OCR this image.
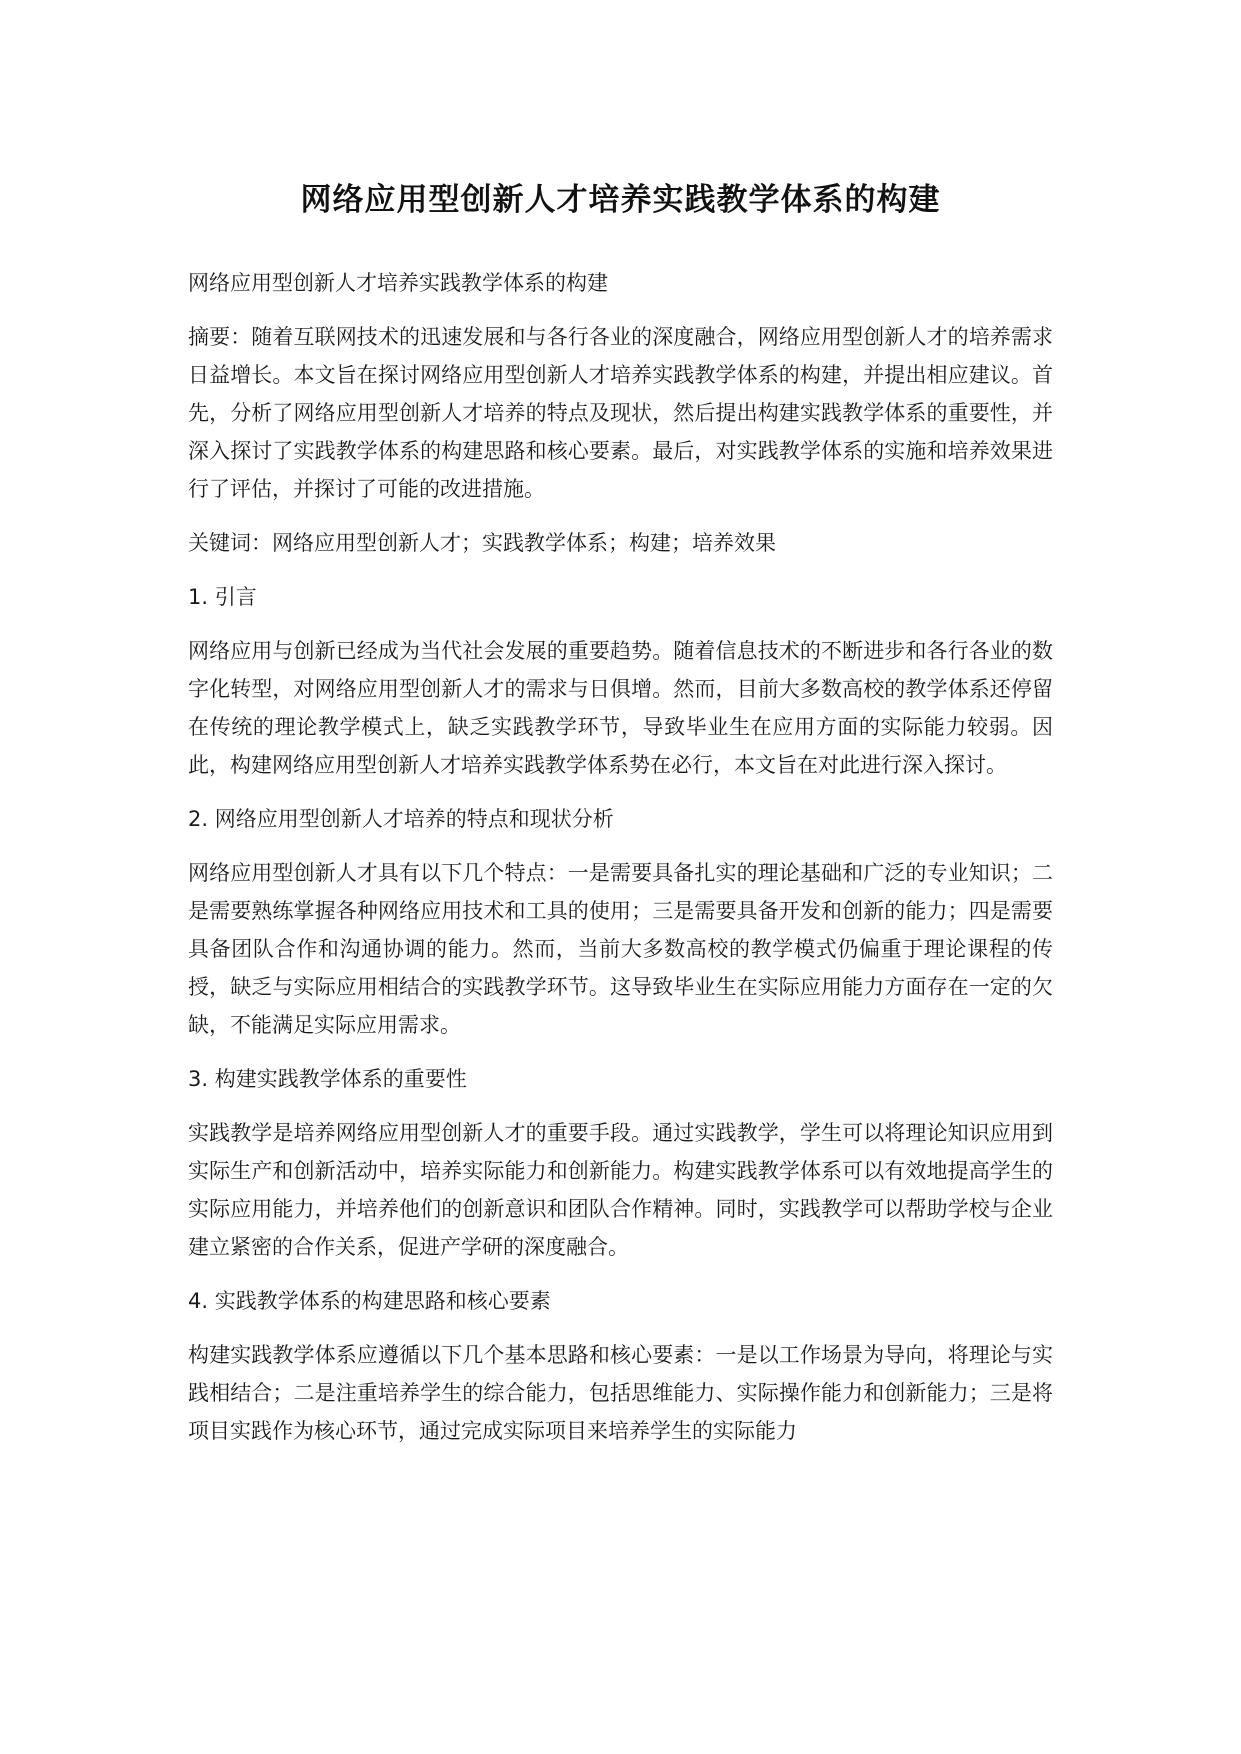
网络应用型创新人才培养实践教学体系的构建

网络应用型创新人才培养实践教学体系的构建

摘要：随着互联网技术的迅速发展和与各行各业的深度融合，网络应用型创新人才的培养需求日益增长。本文旨在探讨网络应用型创新人才培养实践教学体系的构建，并提出相应建议。首先，分析了网络应用型创新人才培养的特点及现状，然后提出构建实践教学体系的重要性，并深入探讨了实践教学体系的构建思路和核心要素。最后，对实践教学体系的实施和培养效果进行了评估，并探讨了可能的改进措施。

关键词：网络应用型创新人才；实践教学体系；构建；培养效果

1. 引言

网络应用与创新已经成为当代社会发展的重要趋势。随着信息技术的不断进步和各行各业的数字化转型，对网络应用型创新人才的需求与日俱增。然而，目前大多数高校的教学体系还停留在传统的理论教学模式上，缺乏实践教学环节，导致毕业生在应用方面的实际能力较弱。因此，构建网络应用型创新人才培养实践教学体系势在必行，本文旨在对此进行深入探讨。

2. 网络应用型创新人才培养的特点和现状分析

网络应用型创新人才具有以下几个特点：一是需要具备扎实的理论基础和广泛的专业知识；二是需要熟练掌握各种网络应用技术和工具的使用；三是需要具备开发和创新的能力；四是需要具备团队合作和沟通协调的能力。然而，当前大多数高校的教学模式仍偏重于理论课程的传授，缺乏与实际应用相结合的实践教学环节。这导致毕业生在实际应用能力方面存在一定的欠缺，不能满足实际应用需求。

3. 构建实践教学体系的重要性

实践教学是培养网络应用型创新人才的重要手段。通过实践教学，学生可以将理论知识应用到实际生产和创新活动中，培养实际能力和创新能力。构建实践教学体系可以有效地提高学生的实际应用能力，并培养他们的创新意识和团队合作精神。同时，实践教学可以帮助学校与企业建立紧密的合作关系，促进产学研的深度融合。

4. 实践教学体系的构建思路和核心要素

构建实践教学体系应遵循以下几个基本思路和核心要素：一是以工作场景为导向，将理论与实践相结合；二是注重培养学生的综合能力，包括思维能力、实际操作能力和创新能力；三是将项目实践作为核心环节，通过完成实际项目来培养学生的实际能力
